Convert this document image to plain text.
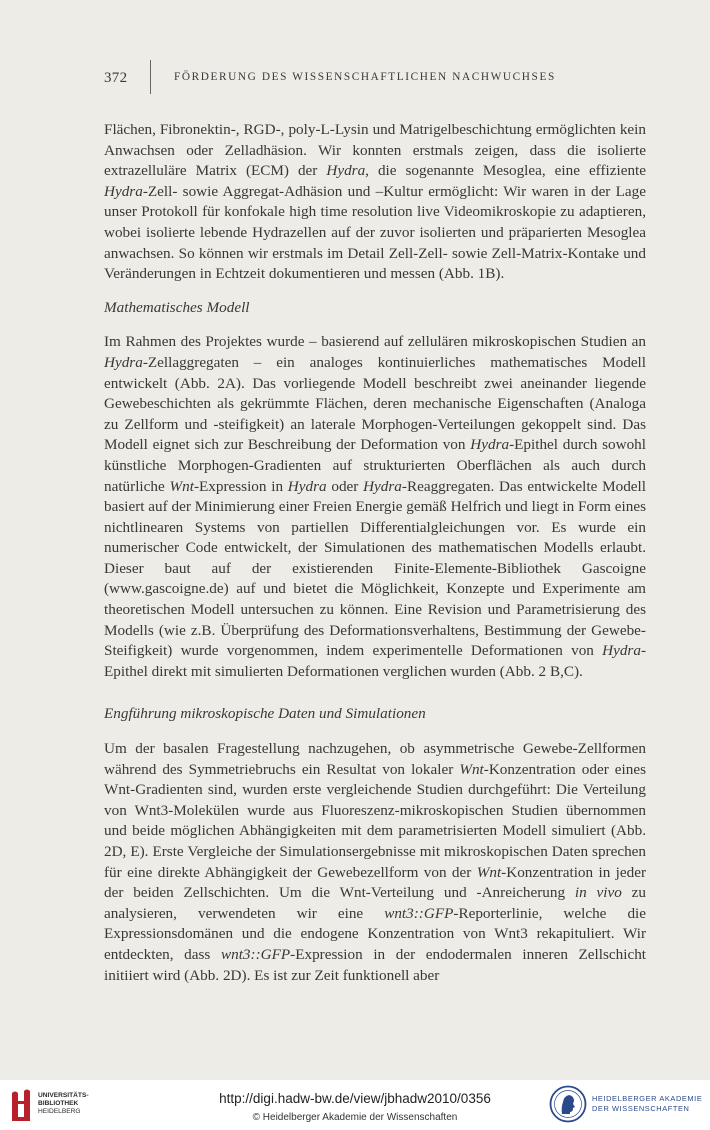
372	FÖRDERUNG DES WISSENSCHAFTLICHEN NACHWUCHSES

Flächen, Fibronektin-, RGD-, poly-L-Lysin und Matrigelbeschichtung ermöglichten kein Anwachsen oder Zelladhäsion. Wir konnten erstmals zeigen, dass die isolierte extrazelluläre Matrix (ECM) der Hydra, die sogenannte Mesoglea, eine effiziente Hydra-Zell- sowie Aggregat-Adhäsion und –Kultur ermöglicht: Wir waren in der Lage unser Protokoll für konfokale high time resolution live Videomikroskopie zu adaptieren, wobei isolierte lebende Hydrazellen auf der zuvor isolierten und präparierten Mesoglea anwachsen. So können wir erstmals im Detail Zell-Zell- sowie Zell-Matrix-Kontake und Veränderungen in Echtzeit dokumentieren und messen (Abb. 1B).

Mathematisches Modell

Im Rahmen des Projektes wurde – basierend auf zellulären mikroskopischen Studien an Hydra-Zellaggregaten – ein analoges kontinuierliches mathematisches Modell entwickelt (Abb. 2A). Das vorliegende Modell beschreibt zwei aneinander liegende Gewebeschichten als gekrümmte Flächen, deren mechanische Eigenschaften (Analoga zu Zellform und -steifigkeit) an laterale Morphogen-Verteilungen gekoppelt sind. Das Modell eignet sich zur Beschreibung der Deformation von Hydra-Epithel durch sowohl künstliche Morphogen-Gradienten auf strukturierten Oberflächen als auch durch natürliche Wnt-Expression in Hydra oder Hydra-Reaggregaten. Das entwickelte Modell basiert auf der Minimierung einer Freien Energie gemäß Helfrich und liegt in Form eines nichtlinearen Systems von partiellen Differentialgleichungen vor. Es wurde ein numerischer Code entwickelt, der Simulationen des mathematischen Modells erlaubt. Dieser baut auf der existierenden Finite-Elemente-Bibliothek Gascoigne (www.gascoigne.de) auf und bietet die Möglichkeit, Konzepte und Experimente am theoretischen Modell untersuchen zu können. Eine Revision und Parametrisierung des Modells (wie z.B. Überprüfung des Deformationsverhaltens, Bestimmung der Gewebe-Steifigkeit) wurde vorgenommen, indem experimentelle Deformationen von Hydra-Epithel direkt mit simulierten Deformationen verglichen wurden (Abb. 2 B,C).

Engführung mikroskopische Daten und Simulationen

Um der basalen Fragestellung nachzugehen, ob asymmetrische Gewebe-Zellformen während des Symmetriebruchs ein Resultat von lokaler Wnt-Konzentration oder eines Wnt-Gradienten sind, wurden erste vergleichende Studien durchgeführt: Die Verteilung von Wnt3-Molekülen wurde aus Fluoreszenz-mikroskopischen Studien übernommen und beide möglichen Abhängigkeiten mit dem parametrisierten Modell simuliert (Abb. 2D, E). Erste Vergleiche der Simulationsergebnisse mit mikroskopischen Daten sprechen für eine direkte Abhängigkeit der Gewebezellform von der Wnt-Konzentration in jeder der beiden Zellschichten. Um die Wnt-Verteilung und -Anreicherung in vivo zu analysieren, verwendeten wir eine wnt3::GFP-Reporterlinie, welche die Expressionsdomänen und die endogene Konzentration von Wnt3 rekapituliert. Wir entdeckten, dass wnt3::GFP-Expression in der endodermalen inneren Zellschicht initiiert wird (Abb. 2D). Es ist zur Zeit funktionell aber

UNIVERSITÄTS-
BIBLIOTHEK
HEIDELBERG
http://digi.hadw-bw.de/view/jbhadw2010/0356
© Heidelberger Akademie der Wissenschaften
HEIDELBERGER AKADEMIE
DER WISSENSCHAFTEN
